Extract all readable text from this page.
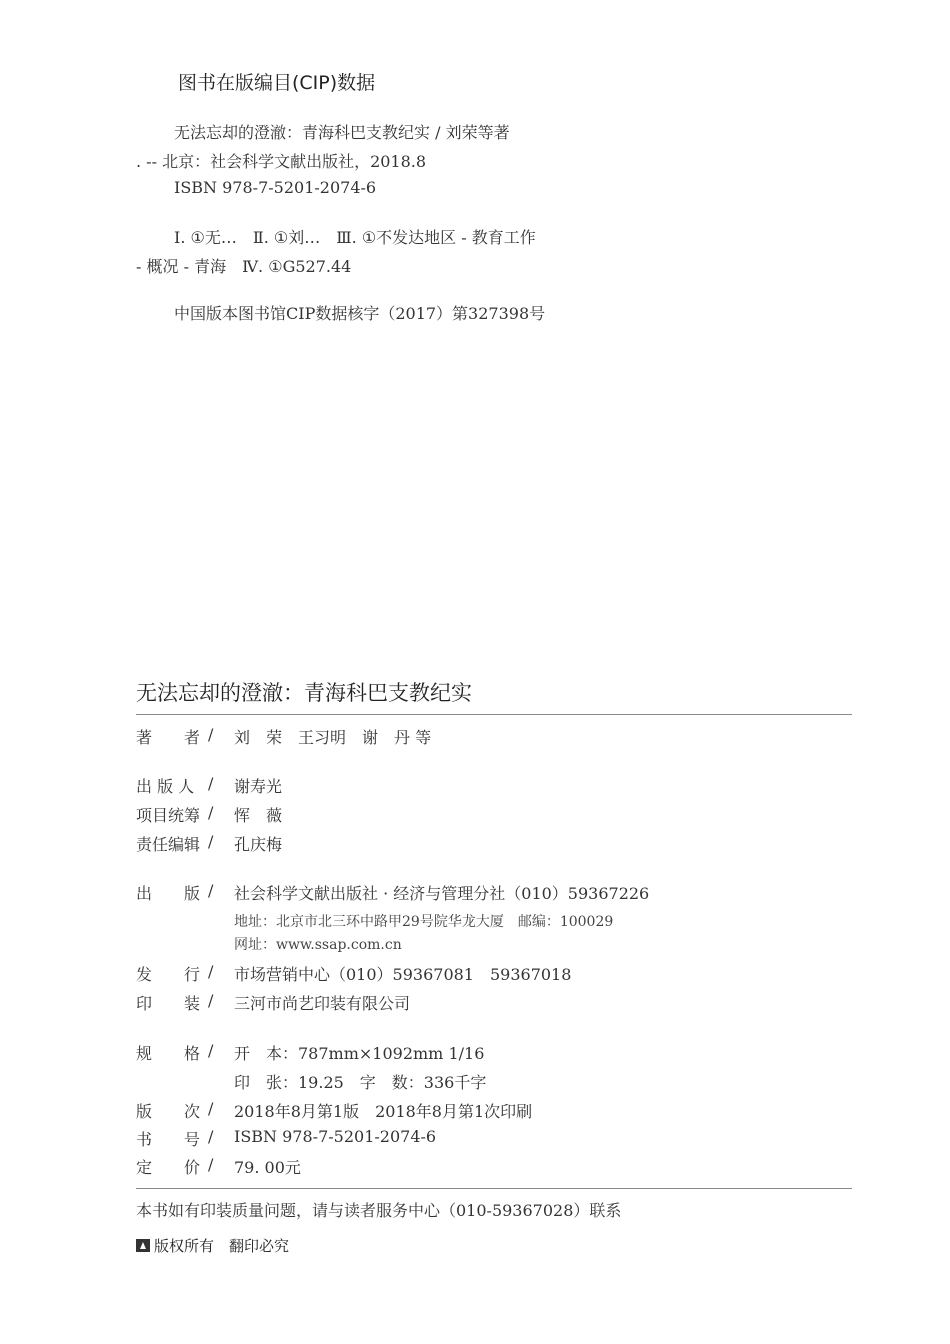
图书在版编目(CIP)数据
无法忘却的澄澈：青海科巴支教纪实 / 刘荣等著
. -- 北京：社会科学文献出版社，2018.8
ISBN 978-7-5201-2074-6
Ⅰ. ①无…　Ⅱ. ①刘…　Ⅲ. ①不发达地区 - 教育工作
- 概况 - 青海　Ⅳ. ①G527.44
中国版本图书馆CIP数据核字（2017）第327398号
无法忘却的澄澈：青海科巴支教纪实
著　　者 / 刘　荣　王习明　谢　丹 等
出 版 人 / 谢寿光
项目统筹 / 恽　薇
责任编辑 / 孔庆梅
出　　版 / 社会科学文献出版社 · 经济与管理分社（010）59367226
地址：北京市北三环中路甲29号院华龙大厦　邮编：100029
网址：www.ssap.com.cn
发　　行 / 市场营销中心（010）59367081　59367018
印　　装 / 三河市尚艺印装有限公司
规　　格 / 开　本：787mm×1092mm 1/16
印　张：19.25　字　数：336千字
版　　次 / 2018年8月第1版　2018年8月第1次印刷
书　　号 / ISBN 978-7-5201-2074-6
定　　价 / 79. 00元
本书如有印装质量问题，请与读者服务中心（010-59367028）联系
版权所有　翻印必究
